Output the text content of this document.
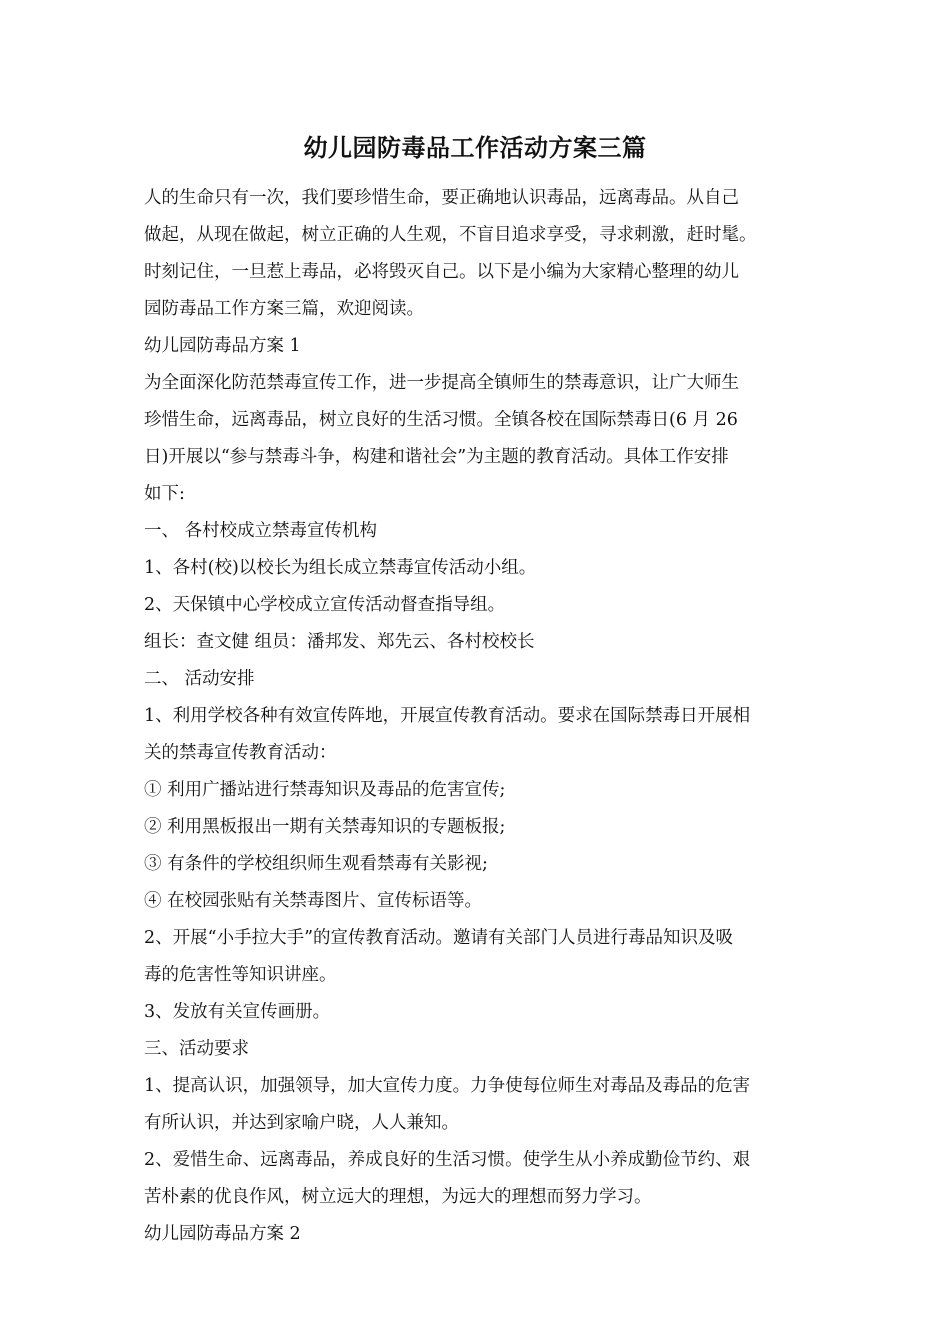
幼儿园防毒品工作活动方案三篇
人的生命只有一次，我们要珍惜生命，要正确地认识毒品，远离毒品。从自己
做起，从现在做起，树立正确的人生观，不盲目追求享受，寻求刺激，赶时髦。
时刻记住，一旦惹上毒品，必将毁灭自己。以下是小编为大家精心整理的幼儿
园防毒品工作方案三篇，欢迎阅读。
幼儿园防毒品方案 1
为全面深化防范禁毒宣传工作，进一步提高全镇师生的禁毒意识，让广大师生
珍惜生命，远离毒品，树立良好的生活习惯。全镇各校在国际禁毒日(6 月 26
日)开展以“参与禁毒斗争，构建和谐社会”为主题的教育活动。具体工作安排
如下:
一、 各村校成立禁毒宣传机构
1、各村(校)以校长为组长成立禁毒宣传活动小组。
2、天保镇中心学校成立宣传活动督查指导组。
组长：查文健 组员：潘邦发、郑先云、各村校校长
二、 活动安排
1、利用学校各种有效宣传阵地，开展宣传教育活动。要求在国际禁毒日开展相
关的禁毒宣传教育活动：
① 利用广播站进行禁毒知识及毒品的危害宣传;
② 利用黑板报出一期有关禁毒知识的专题板报;
③ 有条件的学校组织师生观看禁毒有关影视;
④ 在校园张贴有关禁毒图片、宣传标语等。
2、开展“小手拉大手”的宣传教育活动。邀请有关部门人员进行毒品知识及吸
毒的危害性等知识讲座。
3、发放有关宣传画册。
三、活动要求
1、提高认识，加强领导，加大宣传力度。力争使每位师生对毒品及毒品的危害
有所认识，并达到家喻户晓，人人兼知。
2、爱惜生命、远离毒品，养成良好的生活习惯。使学生从小养成勤俭节约、艰
苦朴素的优良作风，树立远大的理想，为远大的理想而努力学习。
幼儿园防毒品方案 2
